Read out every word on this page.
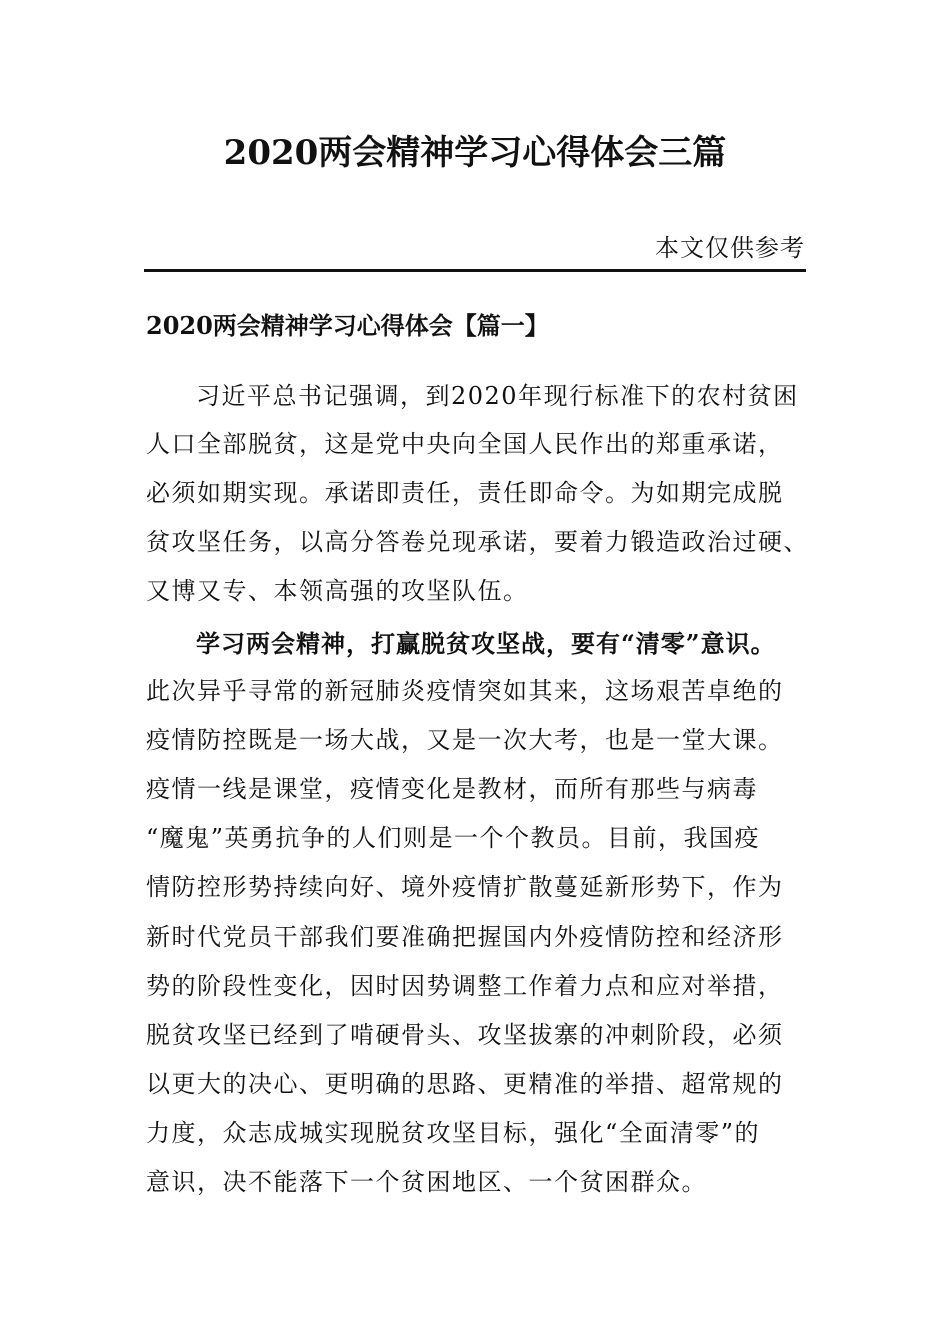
2020两会精神学习心得体会三篇
本文仅供参考
2020两会精神学习心得体会【篇一】
习近平总书记强调，到2020年现行标准下的农村贫困
人口全部脱贫，这是党中央向全国人民作出的郑重承诺，
必须如期实现。承诺即责任，责任即命令。为如期完成脱
贫攻坚任务，以高分答卷兑现承诺，要着力锻造政治过硬、
又博又专、本领高强的攻坚队伍。
学习两会精神，打赢脱贫攻坚战，要有“清零”意识。
此次异乎寻常的新冠肺炎疫情突如其来，这场艰苦卓绝的
疫情防控既是一场大战，又是一次大考，也是一堂大课。
疫情一线是课堂，疫情变化是教材，而所有那些与病毒
“魔鬼”英勇抗争的人们则是一个个教员。目前，我国疫
情防控形势持续向好、境外疫情扩散蔓延新形势下，作为
新时代党员干部我们要准确把握国内外疫情防控和经济形
势的阶段性变化，因时因势调整工作着力点和应对举措，
脱贫攻坚已经到了啃硬骨头、攻坚拔寨的冲刺阶段，必须
以更大的决心、更明确的思路、更精准的举措、超常规的
力度，众志成城实现脱贫攻坚目标，强化“全面清零”的
意识，决不能落下一个贫困地区、一个贫困群众。
